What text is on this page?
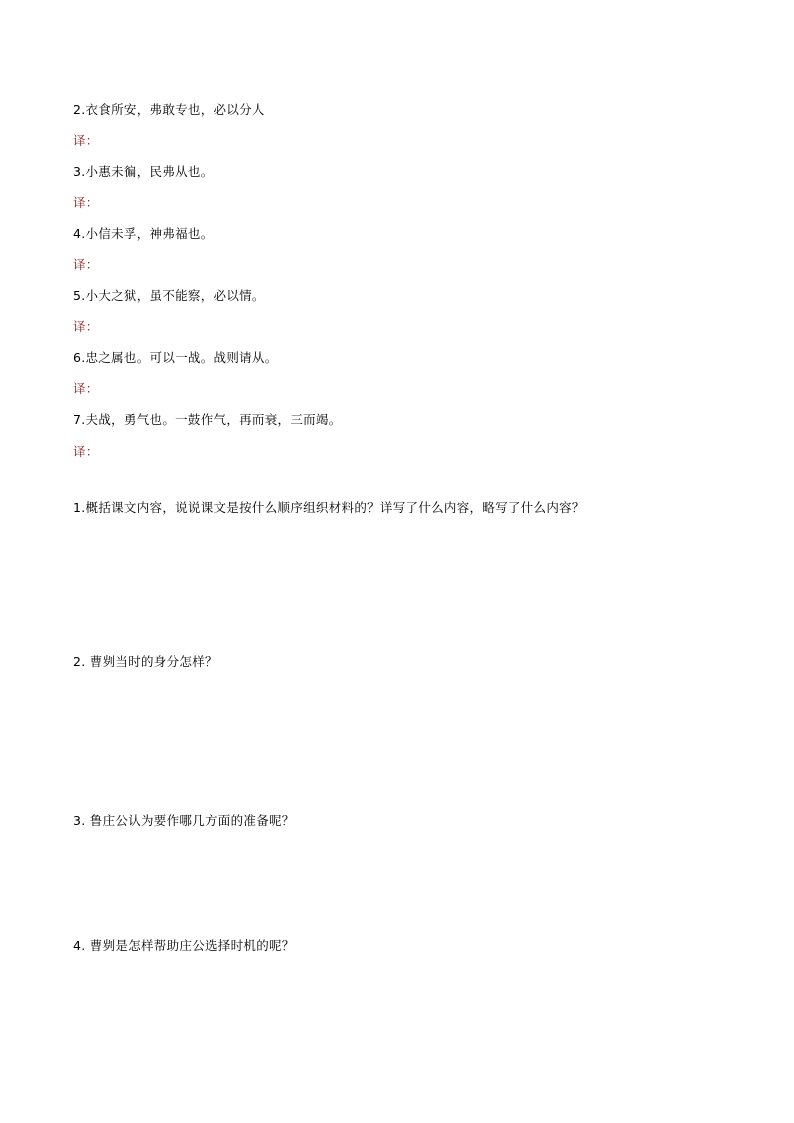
2.衣食所安，弗敢专也，必以分人
译：
3.小惠未徧，民弗从也。
译：
4.小信未孚，神弗福也。
译：
5.小大之狱，虽不能察，必以情。
译：
6.忠之属也。可以一战。战则请从。
译：
7.夫战，勇气也。一鼓作气，再而衰，三而竭。
译：
1.概括课文内容，说说课文是按什么顺序组织材料的？详写了什么内容，略写了什么内容？
2. 曹刿当时的身分怎样？
3. 鲁庄公认为要作哪几方面的准备呢？
4. 曹刿是怎样帮助庄公选择时机的呢？
